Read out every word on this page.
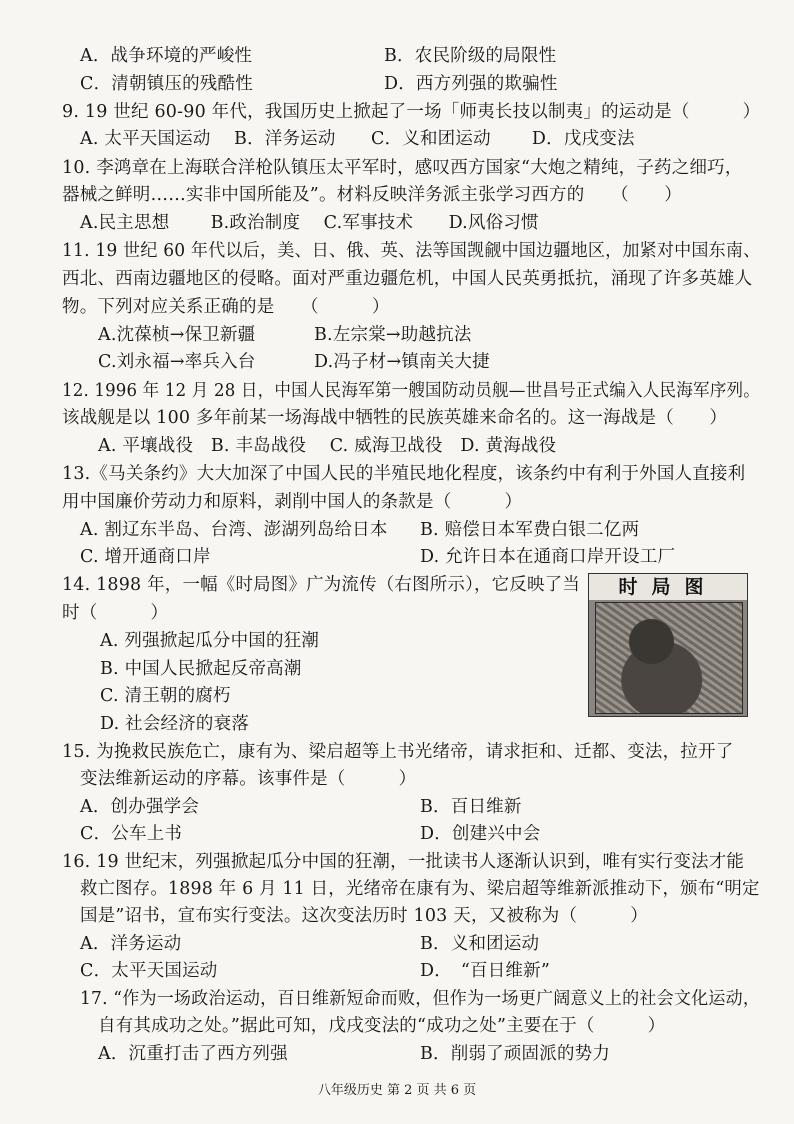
A．战争环境的严峻性	B．农民阶级的局限性
C．清朝镇压的残酷性	D．西方列强的欺骗性
9. 19 世纪 60-90 年代，我国历史上掀起了一场「师夷长技以制夷」的运动是（　　　）
A. 太平天国运动　 B．洋务运动　　C．义和团运动　　 D．戊戌变法
10. 李鸿章在上海联合洋枪队镇压太平军时，感叹西方国家“大炮之精纯，子药之细巧，
器械之鲜明……实非中国所能及”。材料反映洋务派主张学习西方的　　（　　）
A.民主思想　　 B.政治制度　 C.军事技术　　D.风俗习惯
11. 19 世纪 60 年代以后，美、日、俄、英、法等国觊觎中国边疆地区，加紧对中国东南、
西北、西南边疆地区的侵略。面对严重边疆危机，中国人民英勇抵抗，涌现了许多英雄人
物。下列对应关系正确的是　　（　　　）
A.沈葆桢→保卫新疆	B.左宗棠→助越抗法
C.刘永福→率兵入台	D.冯子材→镇南关大捷
12. 1996 年 12 月 28 日，中国人民海军第一艘国防动员舰—世昌号正式编入人民海军序列。
该战舰是以 100 多年前某一场海战中牺牲的民族英雄来命名的。这一海战是（　　）
A. 平壤战役　B. 丰岛战役　 C. 威海卫战役　D. 黄海战役
13.《马关条约》大大加深了中国人民的半殖民地化程度，该条约中有利于外国人直接利
用中国廉价劳动力和原料，剥削中国人的条款是（　　　）
A. 割辽东半岛、台湾、澎湖列岛给日本 B. 赔偿日本军费白银二亿两
C. 增开通商口岸	D. 允许日本在通商口岸开设工厂
14. 1898 年，一幅《时局图》广为流传（右图所示），它反映了当
时（　　　）
A. 列强掀起瓜分中国的狂潮
B. 中国人民掀起反帝高潮
C. 清王朝的腐朽
D. 社会经济的衰落
15. 为挽救民族危亡，康有为、梁启超等上书光绪帝，请求拒和、迁都、变法，拉开了
变法维新运动的序幕。该事件是（　　　）
A．创办强学会	B．百日维新
C．公车上书	D．创建兴中会
16. 19 世纪末，列强掀起瓜分中国的狂潮，一批读书人逐渐认识到，唯有实行变法才能
救亡图存。1898 年 6 月 11 日，光绪帝在康有为、梁启超等维新派推动下，颁布“明定
国是”诏书，宣布实行变法。这次变法历时 103 天，又被称为（　　　）
A．洋务运动	B．义和团运动
C．太平天国运动	D．　“百日维新”
17. “作为一场政治运动，百日维新短命而败，但作为一场更广阔意义上的社会文化运动，
自有其成功之处。”据此可知，戊戌变法的“成功之处”主要在于（　　　）
A．沉重打击了西方列强	B．削弱了顽固派的势力
时局图
八年级历史 第 2 页 共 6 页
